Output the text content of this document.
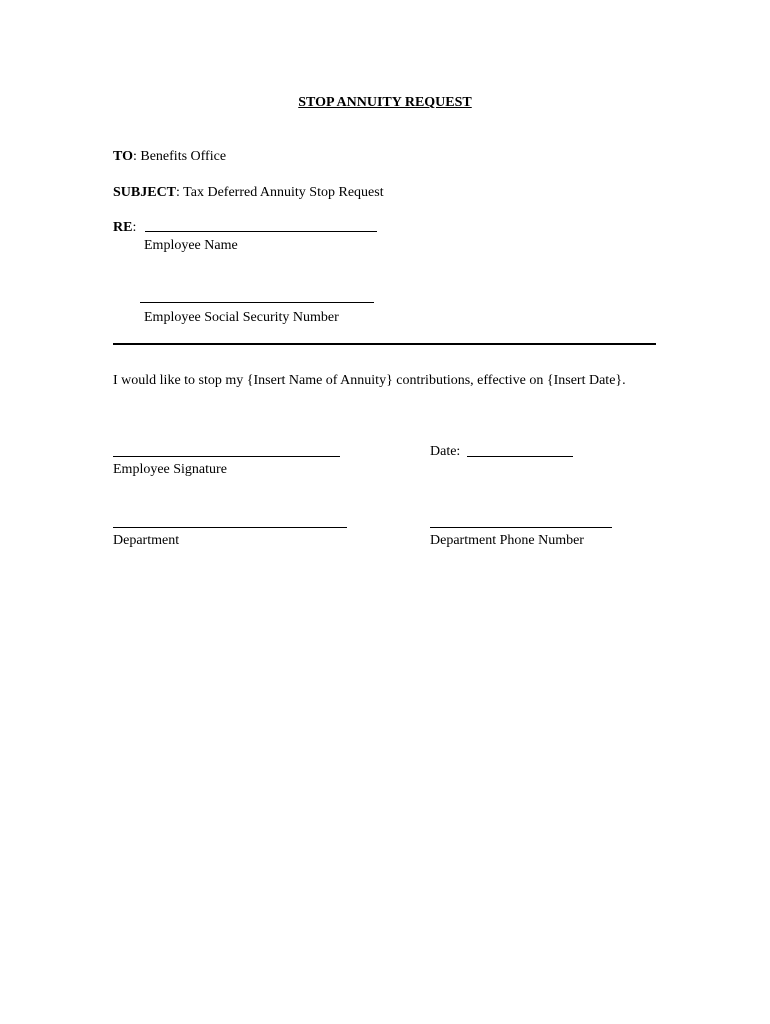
STOP ANNUITY REQUEST
TO: Benefits Office
SUBJECT: Tax Deferred Annuity Stop Request
RE:
Employee Name
Employee Social Security Number
I would like to stop my {Insert Name of Annuity} contributions, effective on {Insert Date}.
Employee Signature
Date:
Department	Department Phone Number
